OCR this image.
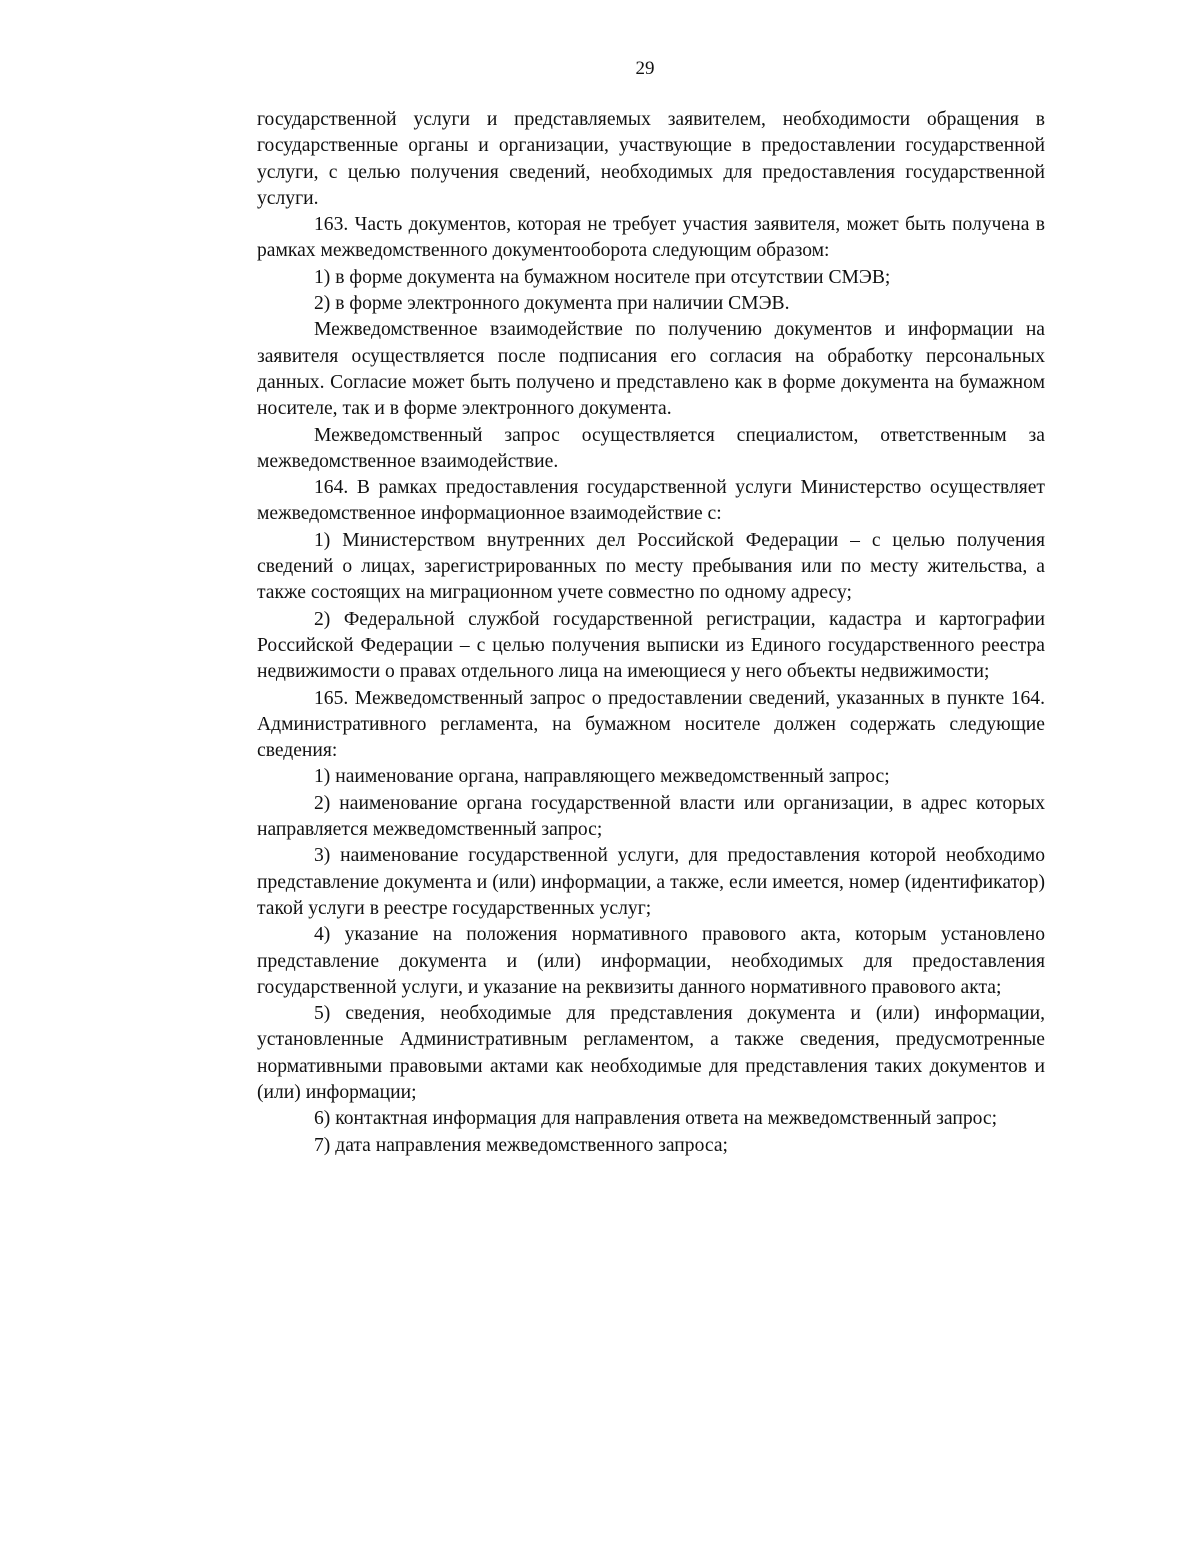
29

государственной услуги и представляемых заявителем, необходимости обращения в государственные органы и организации, участвующие в предоставлении государственной услуги, с целью получения сведений, необходимых для предоставления государственной услуги.

163. Часть документов, которая не требует участия заявителя, может быть получена в рамках межведомственного документооборота следующим образом:

1) в форме документа на бумажном носителе при отсутствии СМЭВ;

2) в форме электронного документа при наличии СМЭВ.

Межведомственное взаимодействие по получению документов и информации на заявителя осуществляется после подписания его согласия на обработку персональных данных. Согласие может быть получено и представлено как в форме документа на бумажном носителе, так и в форме электронного документа.

Межведомственный запрос осуществляется специалистом, ответственным за межведомственное взаимодействие.

164. В рамках предоставления государственной услуги Министерство осуществляет межведомственное информационное взаимодействие с:

1) Министерством внутренних дел Российской Федерации – с целью получения сведений о лицах, зарегистрированных по месту пребывания или по месту жительства, а также состоящих на миграционном учете совместно по одному адресу;

2) Федеральной службой государственной регистрации, кадастра и картографии Российской Федерации – с целью получения выписки из Единого государственного реестра недвижимости о правах отдельного лица на имеющиеся у него объекты недвижимости;

165. Межведомственный запрос о предоставлении сведений, указанных в пункте 164. Административного регламента, на бумажном носителе должен содержать следующие сведения:

1) наименование органа, направляющего межведомственный запрос;

2) наименование органа государственной власти или организации, в адрес которых направляется межведомственный запрос;

3) наименование государственной услуги, для предоставления которой необходимо представление документа и (или) информации, а также, если имеется, номер (идентификатор) такой услуги в реестре государственных услуг;

4) указание на положения нормативного правового акта, которым установлено представление документа и (или) информации, необходимых для предоставления государственной услуги, и указание на реквизиты данного нормативного правового акта;

5) сведения, необходимые для представления документа и (или) информации, установленные Административным регламентом, а также сведения, предусмотренные нормативными правовыми актами как необходимые для представления таких документов и (или) информации;

6) контактная информация для направления ответа на межведомственный запрос;

7) дата направления межведомственного запроса;
